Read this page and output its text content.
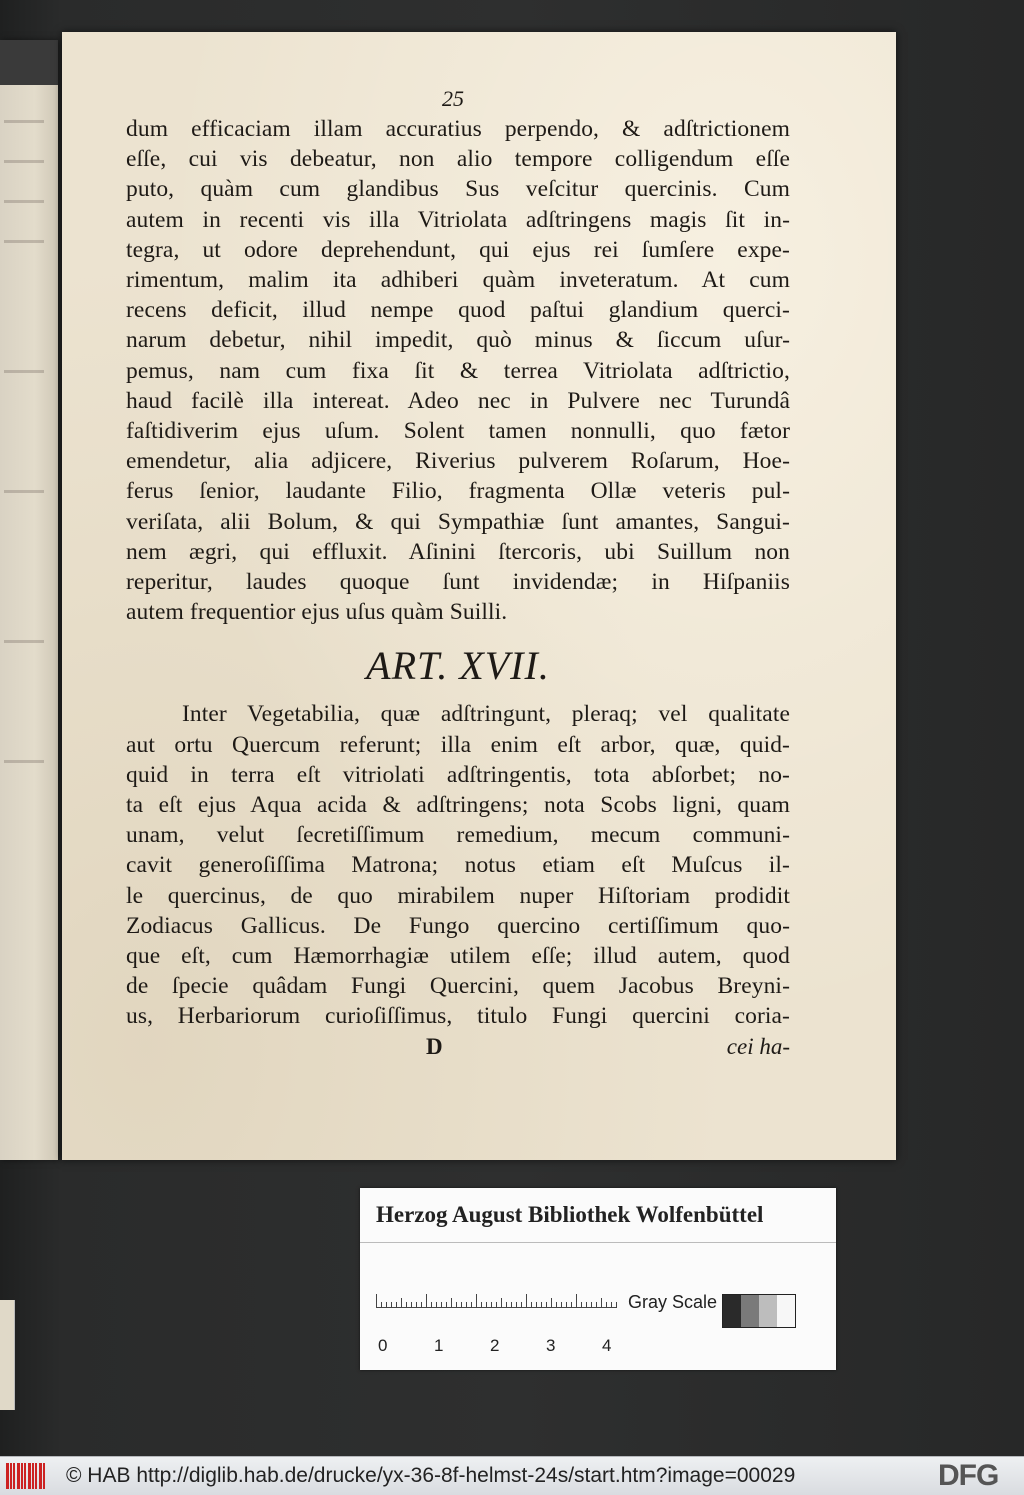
25
dum efficaciam illam accuratius perpendo, & adſtrictionem
eſſe, cui vis debeatur, non alio tempore colligendum eſſe
puto, quàm cum glandibus Sus veſcitur quercinis. Cum
autem in recenti vis illa Vitriolata adſtringens magis ſit in-
tegra, ut odore deprehendunt, qui ejus rei ſumſere expe-
rimentum, malim ita adhiberi quàm inveteratum. At cum
recens deficit, illud nempe quod paſtui glandium querci-
narum debetur, nihil impedit, quò minus & ſiccum uſur-
pemus, nam cum fixa ſit & terrea Vitriolata adſtrictio,
haud facilè illa intereat. Adeo nec in Pulvere nec Turundâ
faſtidiverim ejus uſum. Solent tamen nonnulli, quo fætor
emendetur, alia adjicere, Riverius pulverem Roſarum, Hoe-
ferus ſenior, laudante Filio, fragmenta Ollæ veteris pul-
veriſata, alii Bolum, & qui Sympathiæ ſunt amantes, Sangui-
nem ægri, qui effluxit. Aſinini ſtercoris, ubi Suillum non
reperitur, laudes quoque ſunt invidendæ; in Hiſpaniis
autem frequentior ejus uſus quàm Suilli.
ART. XVII.
Inter Vegetabilia, quæ adſtringunt, pleraq; vel qualitate
aut ortu Quercum referunt; illa enim eſt arbor, quæ, quid-
quid in terra eſt vitriolati adſtringentis, tota abſorbet; no-
ta eſt ejus Aqua acida & adſtringens; nota Scobs ligni, quam
unam, velut ſecretiſſimum remedium, mecum communi-
cavit generoſiſſima Matrona; notus etiam eſt Muſcus il-
le quercinus, de quo mirabilem nuper Hiſtoriam prodidit
Zodiacus Gallicus. De Fungo quercino certiſſimum quo-
que eſt, cum Hæmorrhagiæ utilem eſſe; illud autem, quod
de ſpecie quâdam Fungi Quercini, quem Jacobus Breyni-
us, Herbariorum curioſiſſimus, titulo Fungi quercini coria-
D	cei ha-
Herzog August Bibliothek Wolfenbüttel
0	1	2	3	4
Gray Scale
© HAB http://diglib.hab.de/drucke/yx-36-8f-helmst-24s/start.htm?image=00029	DFG
